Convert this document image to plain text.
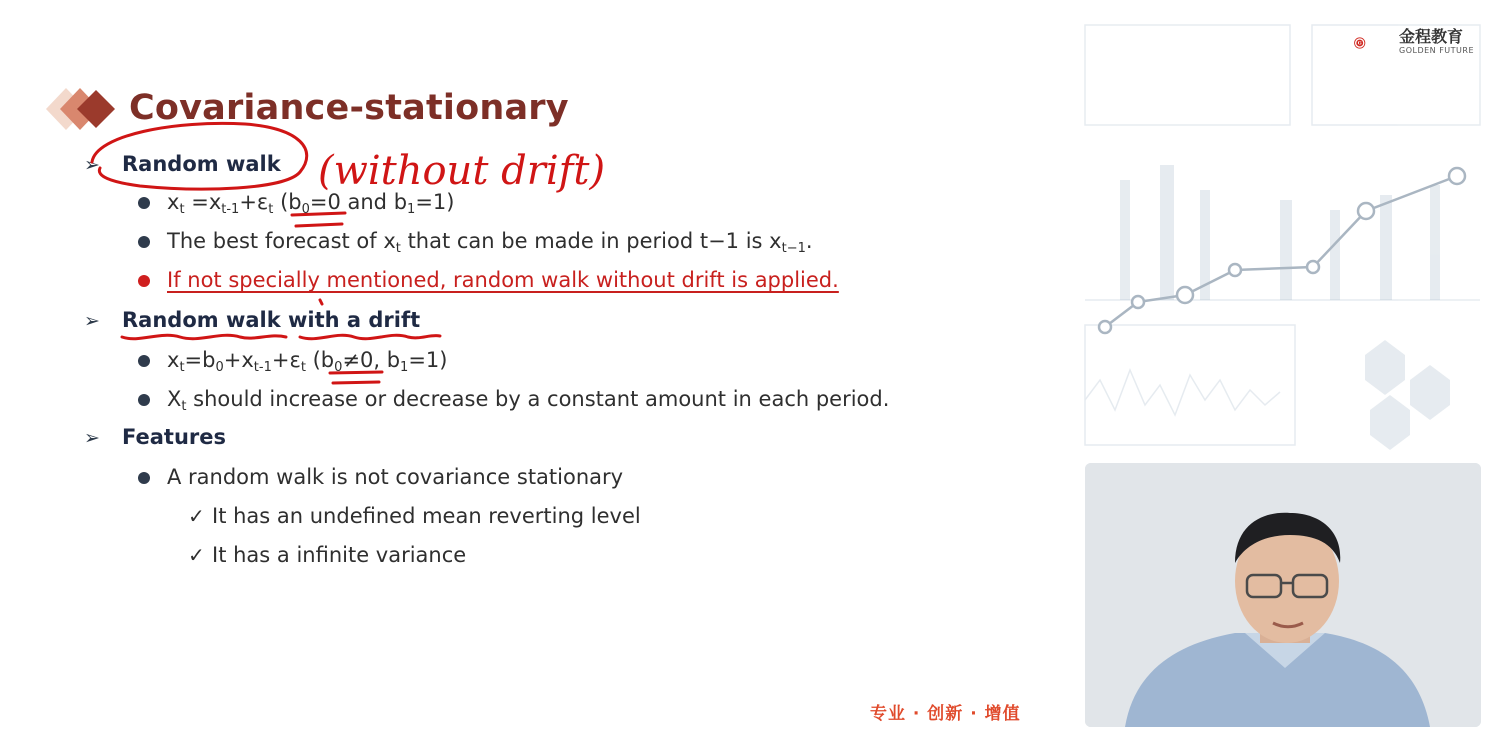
Covariance-stationary
➢ Random walk
$x_t =x_{t-1}+\varepsilon_t$ ($b_0=0$ and $b_1=1$)
The best forecast of $x_t$ that can be made in period t−1 is $x_{t-1}$.
If not specially mentioned, random walk without drift is applied.
➢ Random walk with a drift
$x_t=b_0+x_{t-1}+\varepsilon_t$ ($b_0\ne 0$, $b_1=1$)
$X_t$ should increase or decrease by a constant amount in each period.
➢ Features
A random walk is not covariance stationary
✓ It has an undefined mean reverting level
✓ It has a infinite variance
(without drift)
G 金程教育
GOLDEN FUTURE
专业 · 创新 · 增值
